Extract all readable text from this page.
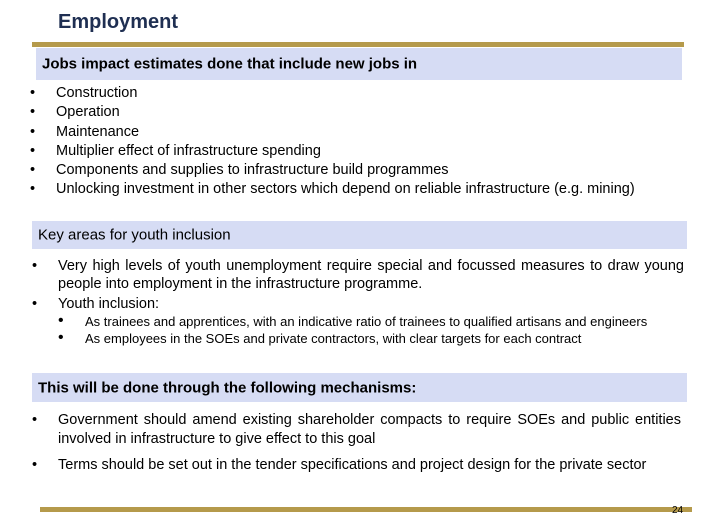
Employment
Jobs impact estimates done that include new jobs in
• Construction
• Operation
• Maintenance
• Multiplier effect of infrastructure spending
• Components and supplies to infrastructure build programmes
• Unlocking investment in other sectors which depend on reliable infrastructure (e.g. mining)
Key areas for youth inclusion
• Very high levels of youth unemployment require special and focussed measures to draw young people into employment in the infrastructure programme.
• Youth inclusion:
• As trainees and apprentices, with an indicative ratio of trainees to qualified artisans and engineers
• As employees in the SOEs and private contractors, with clear targets for each contract
This will be done through the following mechanisms:
• Government should amend existing shareholder compacts to require SOEs and public entities involved in infrastructure to give effect to this goal
• Terms should be set out in the tender specifications and project design for the private sector
24
